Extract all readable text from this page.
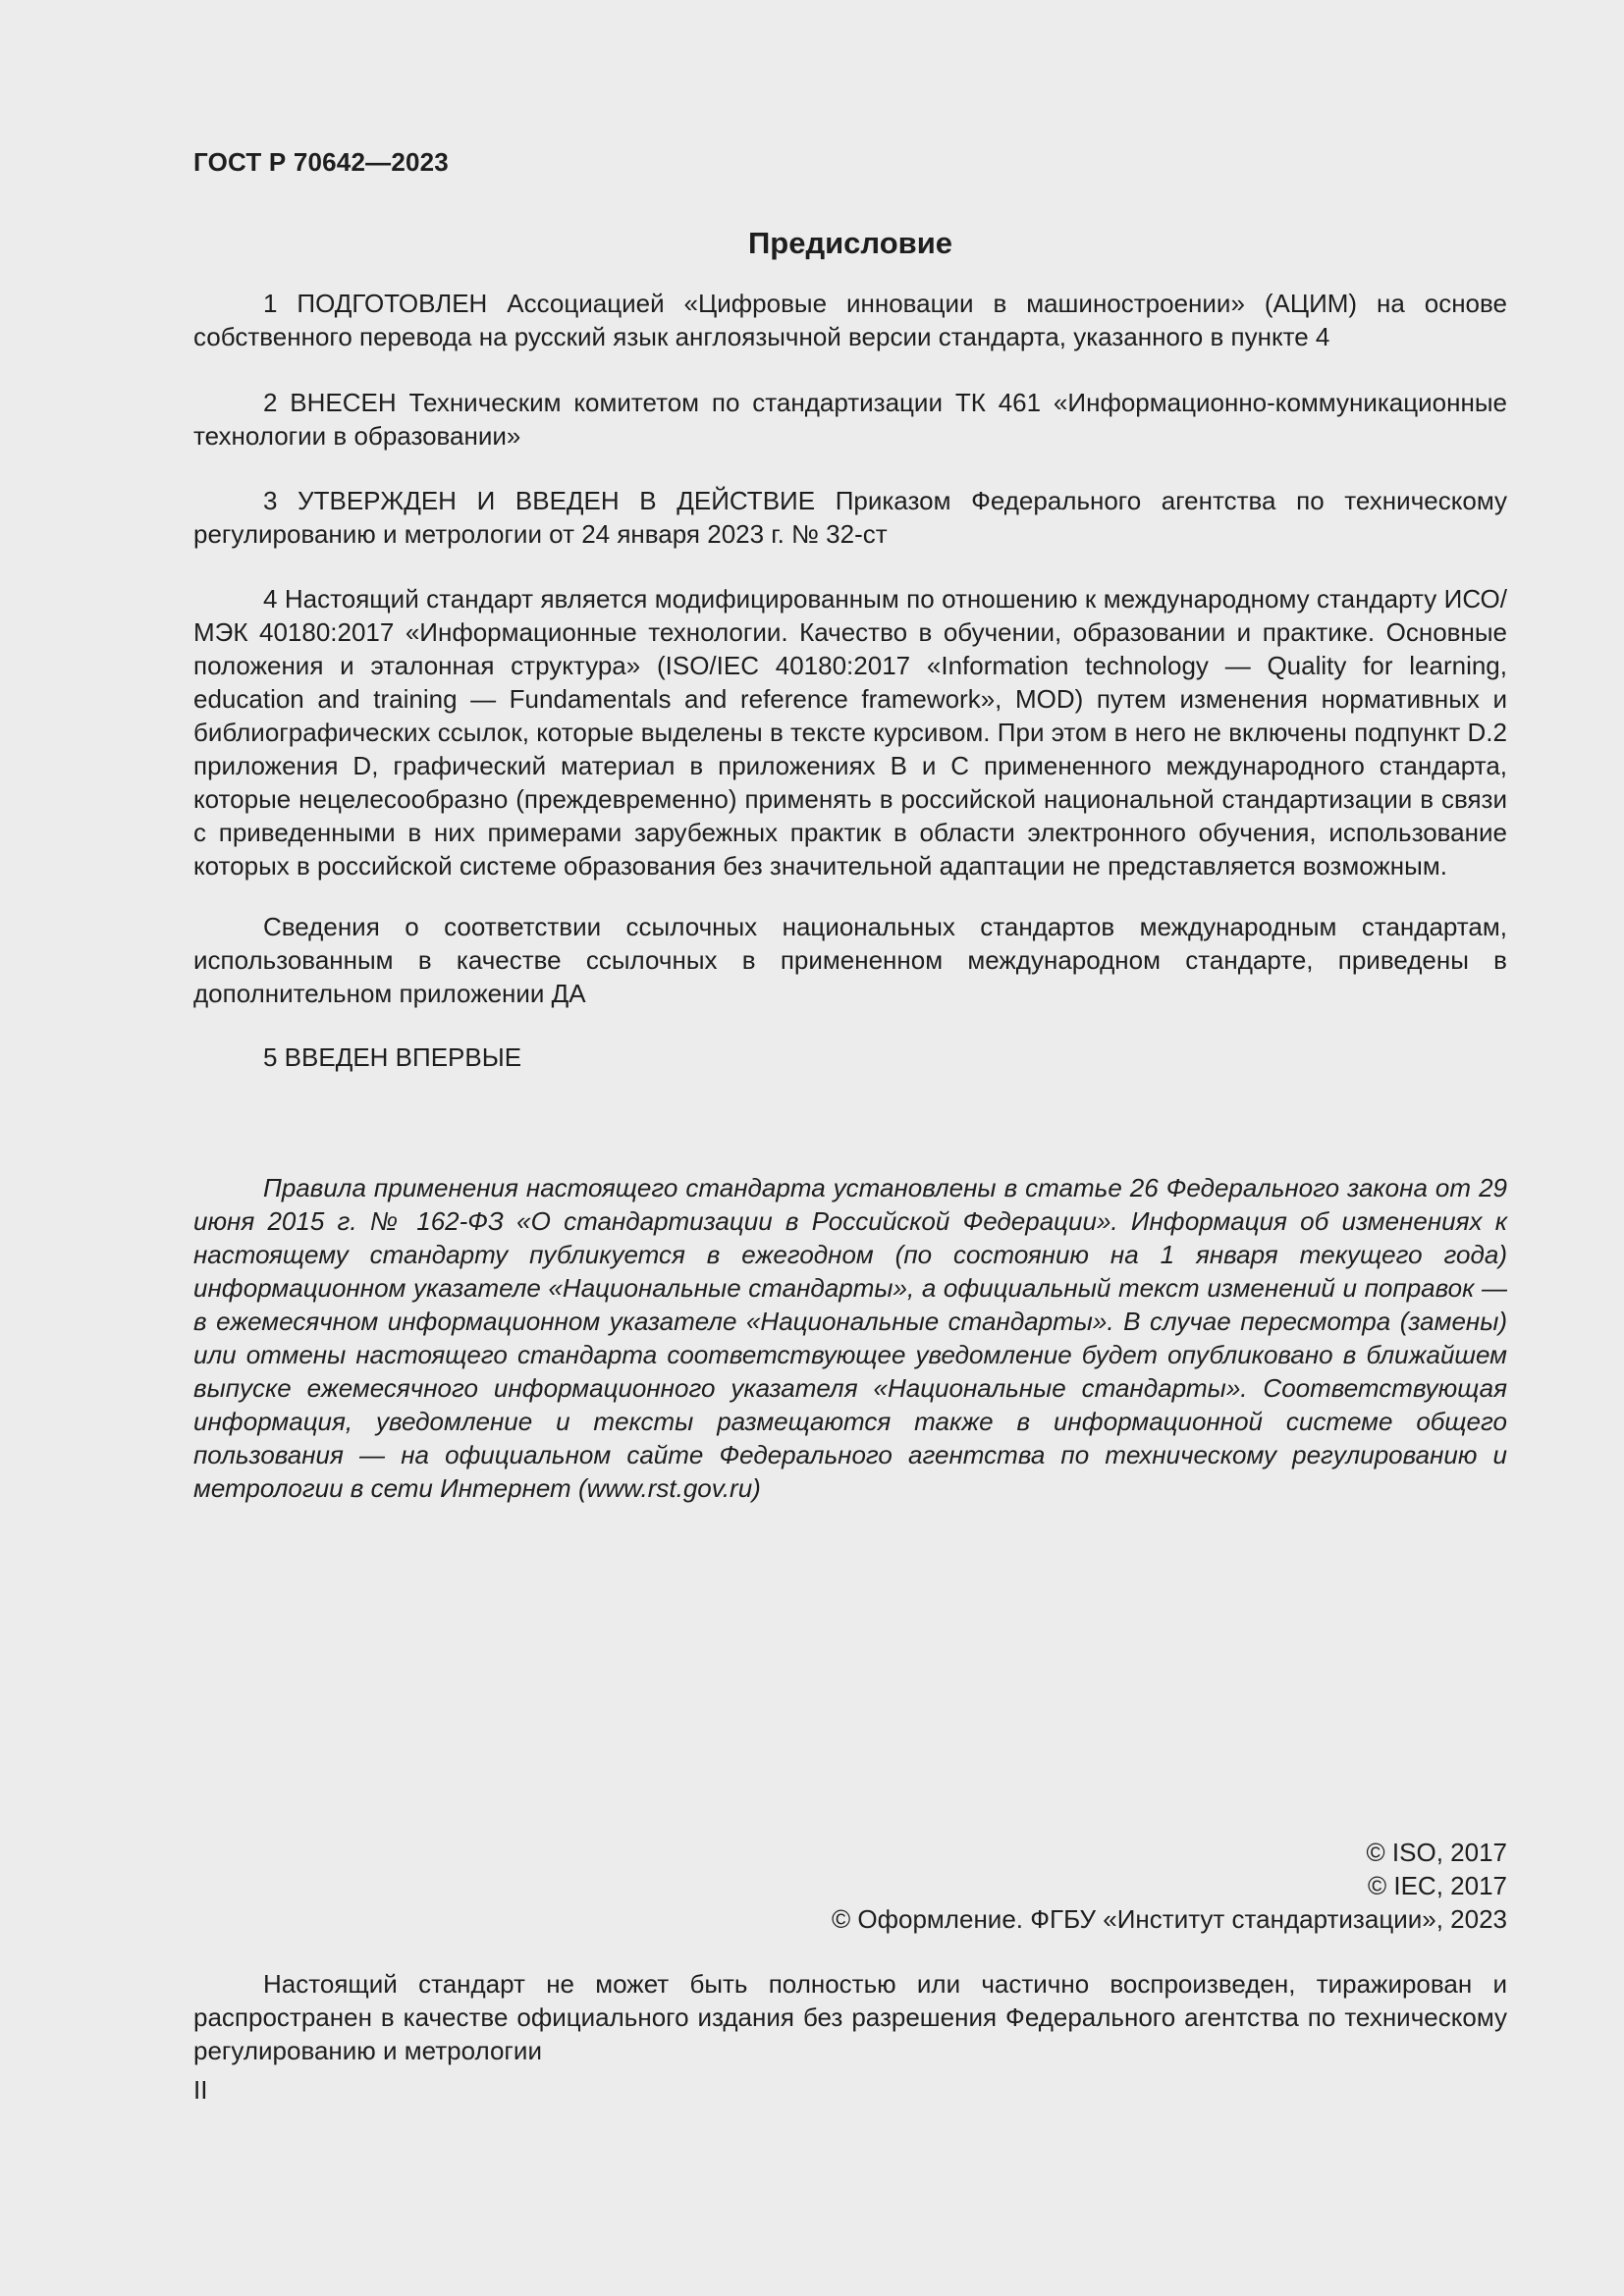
ГОСТ Р 70642—2023
Предисловие

1 ПОДГОТОВЛЕН Ассоциацией «Цифровые инновации в машиностроении» (АЦИМ) на основе собственного перевода на русский язык англоязычной версии стандарта, указанного в пункте 4

2 ВНЕСЕН Техническим комитетом по стандартизации ТК 461 «Информационно-коммуникационные технологии в образовании»

3 УТВЕРЖДЕН И ВВЕДЕН В ДЕЙСТВИЕ Приказом Федерального агентства по техническому регулированию и метрологии от 24 января 2023 г. № 32-ст

4 Настоящий стандарт является модифицированным по отношению к международному стандарту ИСО/МЭК 40180:2017 «Информационные технологии. Качество в обучении, образовании и практике. Основные положения и эталонная структура» (ISO/IEC 40180:2017 «Information technology — Quality for learning, education and training — Fundamentals and reference framework», MOD) путем изменения нормативных и библиографических ссылок, которые выделены в тексте курсивом. При этом в него не включены подпункт D.2 приложения D, графический материал в приложениях B и C примененного международного стандарта, которые нецелесообразно (преждевременно) применять в российской национальной стандартизации в связи с приведенными в них примерами зарубежных практик в области электронного обучения, использование которых в российской системе образования без значительной адаптации не представляется возможным.

Сведения о соответствии ссылочных национальных стандартов международным стандартам, использованным в качестве ссылочных в примененном международном стандарте, приведены в дополнительном приложении ДА

5 ВВЕДЕН ВПЕРВЫЕ

Правила применения настоящего стандарта установлены в статье 26 Федерального закона от 29 июня 2015 г. № 162-ФЗ «О стандартизации в Российской Федерации». Информация об изменениях к настоящему стандарту публикуется в ежегодном (по состоянию на 1 января текущего года) информационном указателе «Национальные стандарты», а официальный текст изменений и поправок — в ежемесячном информационном указателе «Национальные стандарты». В случае пересмотра (замены) или отмены настоящего стандарта соответствующее уведомление будет опубликовано в ближайшем выпуске ежемесячного информационного указателя «Национальные стандарты». Соответствующая информация, уведомление и тексты размещаются также в информационной системе общего пользования — на официальном сайте Федерального агентства по техническому регулированию и метрологии в сети Интернет (www.rst.gov.ru)

© ISO, 2017
© IEC, 2017
© Оформление. ФГБУ «Институт стандартизации», 2023

Настоящий стандарт не может быть полностью или частично воспроизведен, тиражирован и распространен в качестве официального издания без разрешения Федерального агентства по техническому регулированию и метрологии

II
